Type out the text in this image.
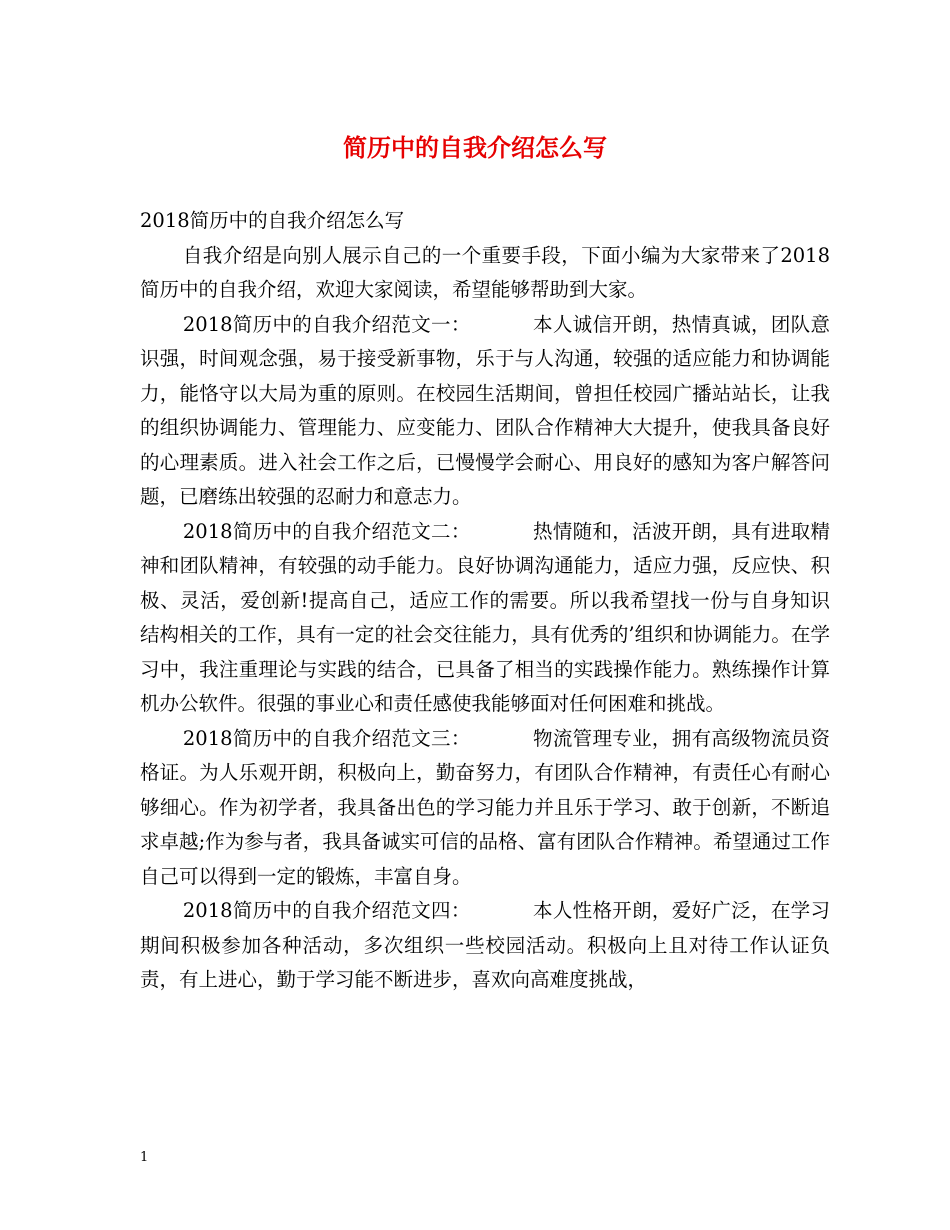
简历中的自我介绍怎么写

2018简历中的自我介绍怎么写

自我介绍是向别人展示自己的一个重要手段，下面小编为大家带来了2018简历中的自我介绍，欢迎大家阅读，希望能够帮助到大家。

2018简历中的自我介绍范文一：	本人诚信开朗，热情真诚，团队意识强，时间观念强，易于接受新事物，乐于与人沟通，较强的适应能力和协调能力，能恪守以大局为重的原则。在校园生活期间，曾担任校园广播站站长，让我的组织协调能力、管理能力、应变能力、团队合作精神大大提升，使我具备良好的心理素质。进入社会工作之后，已慢慢学会耐心、用良好的感知为客户解答问题，已磨练出较强的忍耐力和意志力。

2018简历中的自我介绍范文二：	热情随和，活波开朗，具有进取精神和团队精神，有较强的动手能力。良好协调沟通能力，适应力强，反应快、积极、灵活，爱创新!提高自己，适应工作的需要。所以我希望找一份与自身知识结构相关的工作，具有一定的社会交往能力，具有优秀的’组织和协调能力。在学习中，我注重理论与实践的结合，已具备了相当的实践操作能力。熟练操作计算机办公软件。很强的事业心和责任感使我能够面对任何困难和挑战。

2018简历中的自我介绍范文三：	物流管理专业，拥有高级物流员资格证。为人乐观开朗，积极向上，勤奋努力，有团队合作精神，有责任心有耐心够细心。作为初学者，我具备出色的学习能力并且乐于学习、敢于创新，不断追求卓越;作为参与者，我具备诚实可信的品格、富有团队合作精神。希望通过工作自己可以得到一定的锻炼，丰富自身。

2018简历中的自我介绍范文四：	本人性格开朗，爱好广泛，在学习期间积极参加各种活动，多次组织一些校园活动。积极向上且对待工作认证负责，有上进心，勤于学习能不断进步，喜欢向高难度挑战，

1
